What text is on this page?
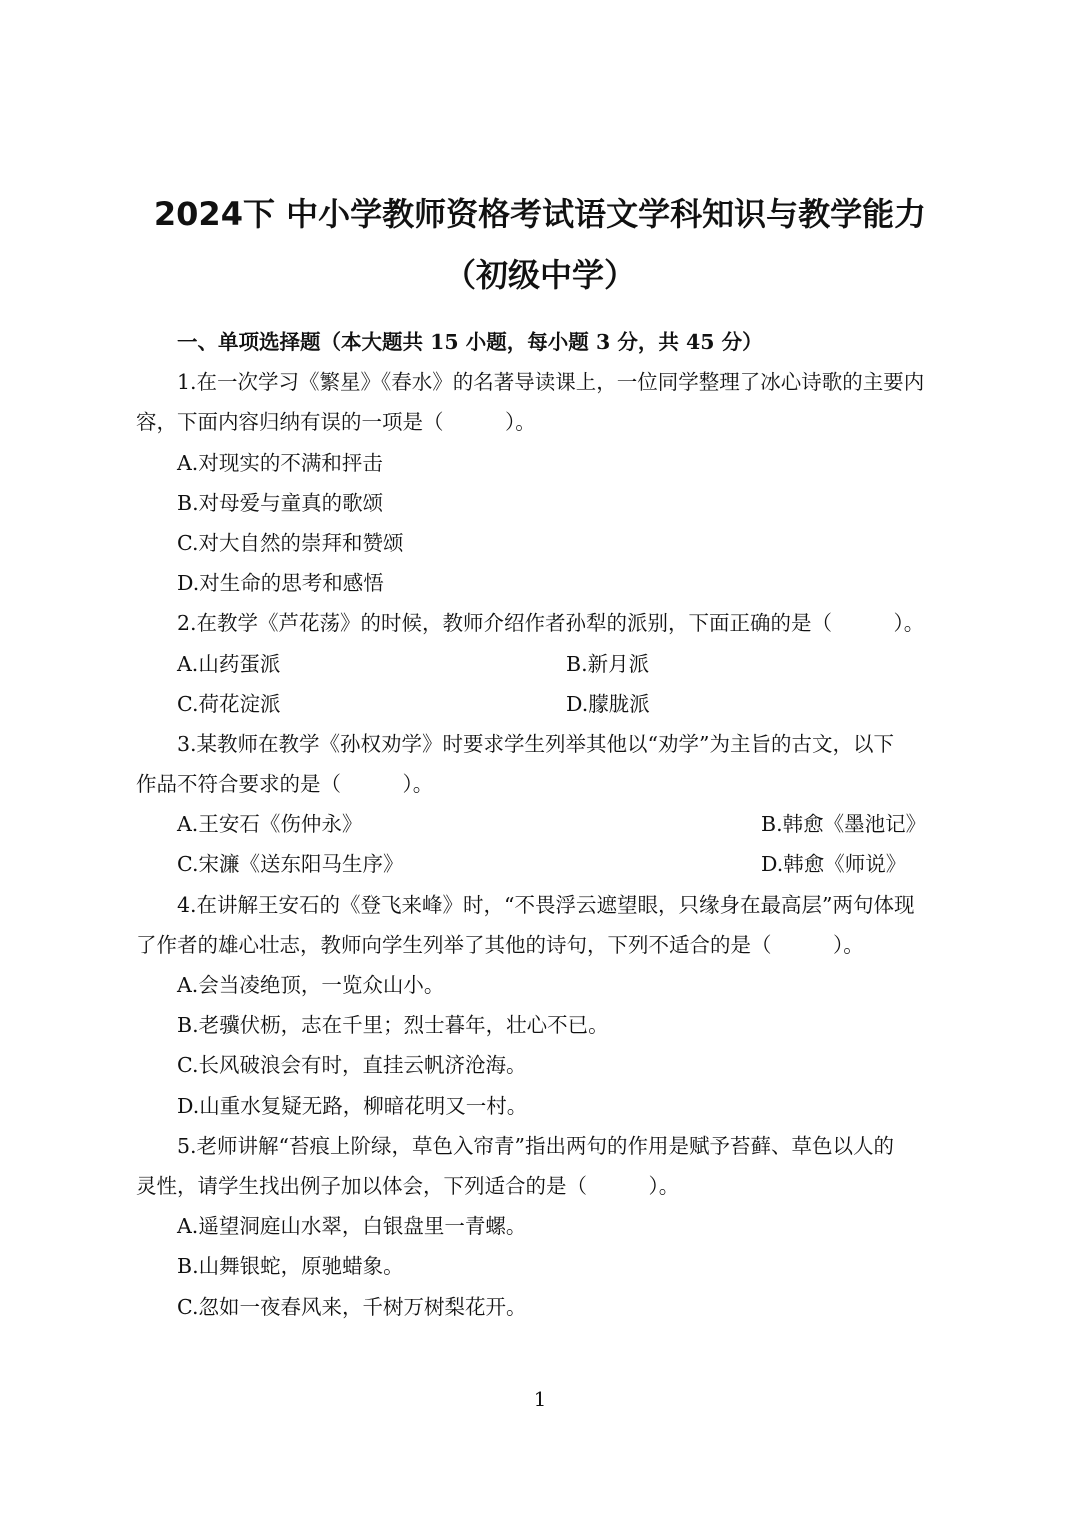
2024下 中小学教师资格考试语文学科知识与教学能力
（初级中学）
一、单项选择题（本大题共 15 小题，每小题 3 分，共 45 分）
1.在一次学习《繁星》《春水》的名著导读课上，一位同学整理了冰心诗歌的主要内
容，下面内容归纳有误的一项是（　　　）。
A.对现实的不满和抨击
B.对母爱与童真的歌颂
C.对大自然的崇拜和赞颂
D.对生命的思考和感悟
2.在教学《芦花荡》的时候，教师介绍作者孙犁的派别，下面正确的是（　　　）。
A.山药蛋派	B.新月派
C.荷花淀派	D.朦胧派
3.某教师在教学《孙权劝学》时要求学生列举其他以“劝学”为主旨的古文，以下
作品不符合要求的是（　　　）。
A.王安石《伤仲永》	B.韩愈《墨池记》
C.宋濂《送东阳马生序》	D.韩愈《师说》
4.在讲解王安石的《登飞来峰》时，“不畏浮云遮望眼，只缘身在最高层”两句体现
了作者的雄心壮志，教师向学生列举了其他的诗句，下列不适合的是（　　　）。
A.会当凌绝顶，一览众山小。
B.老骥伏枥，志在千里；烈士暮年，壮心不已。
C.长风破浪会有时，直挂云帆济沧海。
D.山重水复疑无路，柳暗花明又一村。
5.老师讲解“苔痕上阶绿，草色入帘青”指出两句的作用是赋予苔藓、草色以人的
灵性，请学生找出例子加以体会，下列适合的是（　　　）。
A.遥望洞庭山水翠，白银盘里一青螺。
B.山舞银蛇，原驰蜡象。
C.忽如一夜春风来，千树万树梨花开。
1
